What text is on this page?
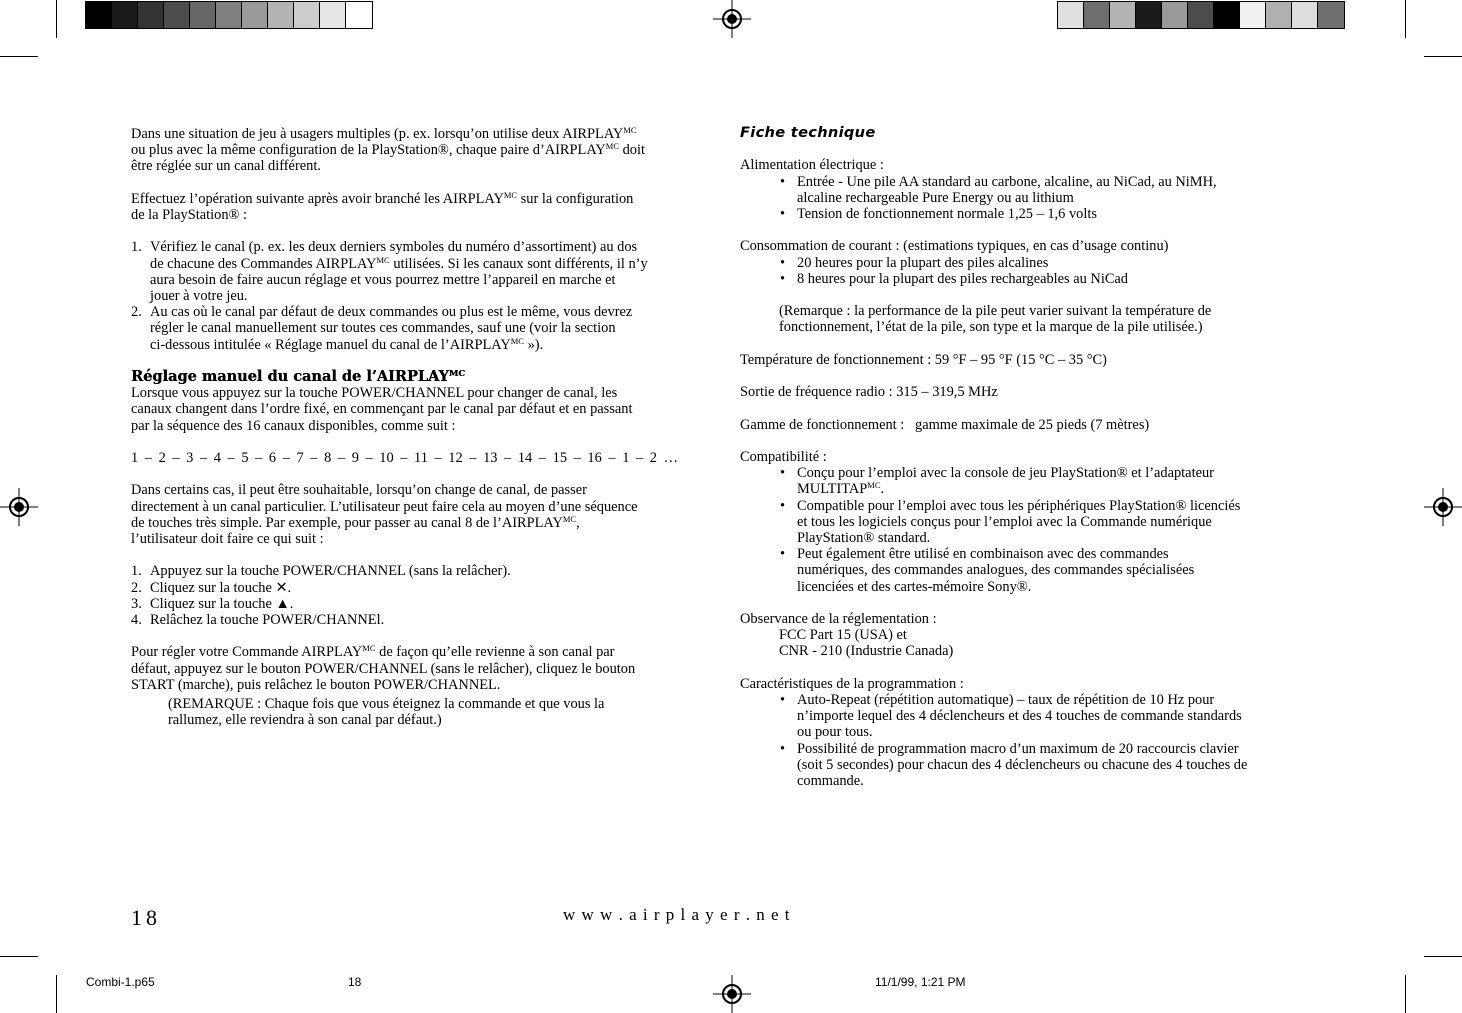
Dans une situation de jeu à usagers multiples (p. ex. lorsqu’on utilise deux $AIRPLAY^{MC}$
ou plus avec la même configuration de la PlayStation®, chaque paire $d’AIRPLAY^{MC}$ doit
être réglée sur un canal différent.

Effectuez l’opération suivante après avoir branché les $AIRPLAY^{MC}$ sur la configuration
de la PlayStation® :

1. Vérifiez le canal (p. ex. les deux derniers symboles du numéro d’assortiment) au dos
de chacune des Commandes $AIRPLAY^{MC}$ utilisées. Si les canaux sont différents, il n’y
aura besoin de faire aucun réglage et vous pourrez mettre l’appareil en marche et
jouer à votre jeu.
2. Au cas où le canal par défaut de deux commandes ou plus est le même, vous devrez
régler le canal manuellement sur toutes ces commandes, sauf une (voir la section
ci-dessous intitulée « Réglage manuel du canal de $l’AIRPLAY^{MC}$ »).

Réglage manuel du canal de $l’AIRPLAY^{MC}$

Lorsque vous appuyez sur la touche POWER/CHANNEL pour changer de canal, les
canaux changent dans l’ordre fixé, en commençant par le canal par défaut et en passant
par la séquence des 16 canaux disponibles, comme suit :

1 – 2 – 3 – 4 – 5 – 6 – 7 – 8 – 9 – 10 – 11 – 12 – 13 – 14 – 15 – 16 – 1 – 2 …

Dans certains cas, il peut être souhaitable, lorsqu’on change de canal, de passer
directement à un canal particulier. L’utilisateur peut faire cela au moyen d’une séquence
de touches très simple. Par exemple, pour passer au canal 8 de $l’AIRPLAY^{MC}$,
l’utilisateur doit faire ce qui suit :

1. Appuyez sur la touche POWER/CHANNEL (sans la relâcher).
2. Cliquez sur la touche ✕.
3. Cliquez sur la touche ▲.
4. Relâchez la touche POWER/CHANNEl.

Pour régler votre Commande $AIRPLAY^{MC}$ de façon qu’elle revienne à son canal par
défaut, appuyez sur le bouton POWER/CHANNEL (sans le relâcher), cliquez le bouton
START (marche), puis relâchez le bouton POWER/CHANNEL.

(REMARQUE : Chaque fois que vous éteignez la commande et que vous la
rallumez, elle reviendra à son canal par défaut.)

Fiche technique

Alimentation électrique :

• Entrée - Une pile AA standard au carbone, alcaline, au NiCad, au NiMH,
alcaline rechargeable Pure Energy ou au lithium
• Tension de fonctionnement normale 1,25 – 1,6 volts

Consommation de courant : (estimations typiques, en cas d’usage continu)

• 20 heures pour la plupart des piles alcalines
• 8 heures pour la plupart des piles rechargeables au NiCad

(Remarque : la performance de la pile peut varier suivant la température de
fonctionnement, l’état de la pile, son type et la marque de la pile utilisée.)

Température de fonctionnement : 59 °F – 95 °F (15 °C – 35 °C)

Sortie de fréquence radio : 315 – 319,5 MHz

Gamme de fonctionnement :   gamme maximale de 25 pieds (7 mètres)

Compatibilité :

• Conçu pour l’emploi avec la console de jeu PlayStation® et l’adaptateur
$MULTITAP^{MC}$.
• Compatible pour l’emploi avec tous les périphériques PlayStation® licenciés
et tous les logiciels conçus pour l’emploi avec la Commande numérique
PlayStation® standard.
• Peut également être utilisé en combinaison avec des commandes
numériques, des commandes analogues, des commandes spécialisées
licenciées et des cartes-mémoire Sony®.

Observance de la réglementation :

FCC Part 15 (USA) et
CNR - 210 (Industrie Canada)

Caractéristiques de la programmation :

• Auto-Repeat (répétition automatique) – taux de répétition de 10 Hz pour
n’importe lequel des 4 déclencheurs et des 4 touches de commande standards
ou pour tous.
• Possibilité de programmation macro d’un maximum de 20 raccourcis clavier
(soit 5 secondes) pour chacun des 4 déclencheurs ou chacune des 4 touches de
commande.
18	w w w . a i r p l a y e r . n e t
Combi-1.p65	18	11/1/99, 1:21 PM
